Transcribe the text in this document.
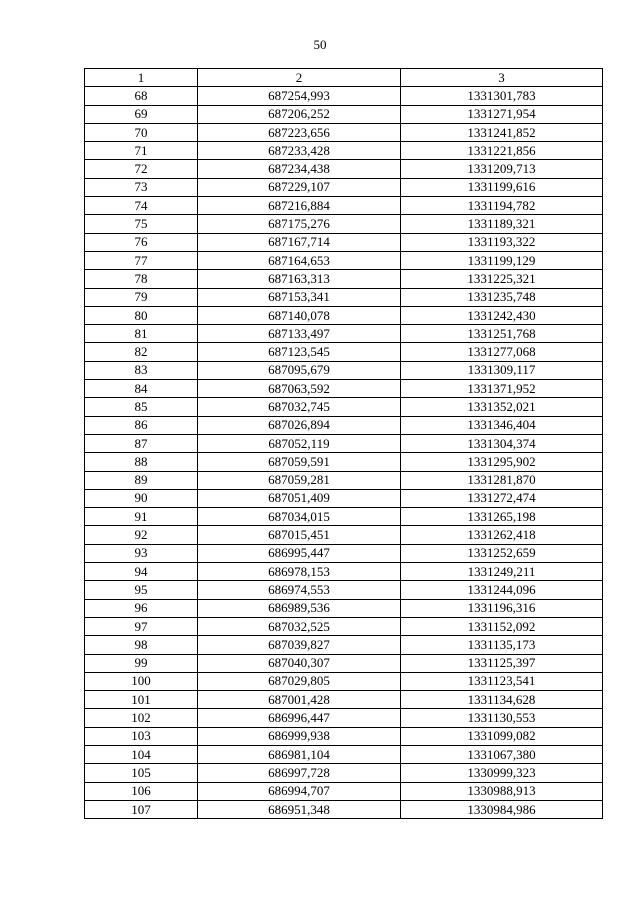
50
1	2	3
68	687254,993	1331301,783
69	687206,252	1331271,954
70	687223,656	1331241,852
71	687233,428	1331221,856
72	687234,438	1331209,713
73	687229,107	1331199,616
74	687216,884	1331194,782
75	687175,276	1331189,321
76	687167,714	1331193,322
77	687164,653	1331199,129
78	687163,313	1331225,321
79	687153,341	1331235,748
80	687140,078	1331242,430
81	687133,497	1331251,768
82	687123,545	1331277,068
83	687095,679	1331309,117
84	687063,592	1331371,952
85	687032,745	1331352,021
86	687026,894	1331346,404
87	687052,119	1331304,374
88	687059,591	1331295,902
89	687059,281	1331281,870
90	687051,409	1331272,474
91	687034,015	1331265,198
92	687015,451	1331262,418
93	686995,447	1331252,659
94	686978,153	1331249,211
95	686974,553	1331244,096
96	686989,536	1331196,316
97	687032,525	1331152,092
98	687039,827	1331135,173
99	687040,307	1331125,397
100	687029,805	1331123,541
101	687001,428	1331134,628
102	686996,447	1331130,553
103	686999,938	1331099,082
104	686981,104	1331067,380
105	686997,728	1330999,323
106	686994,707	1330988,913
107	686951,348	1330984,986
